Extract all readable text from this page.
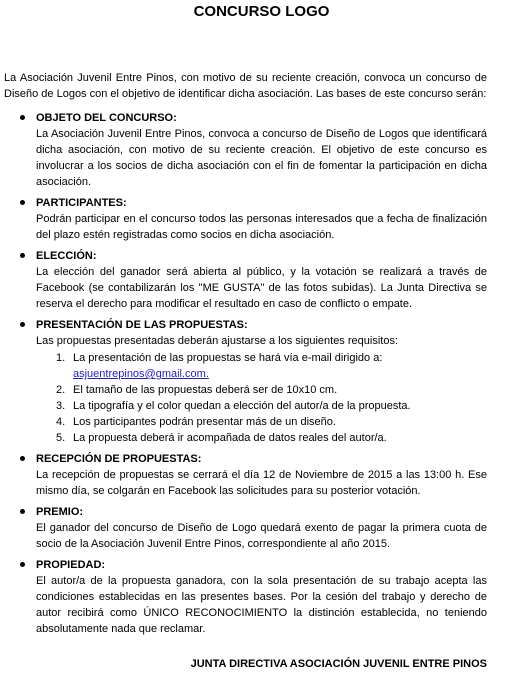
CONCURSO LOGO

La Asociación Juvenil Entre Pinos, con motivo de su reciente creación, convoca un concurso de Diseño de Logos con el objetivo de identificar dicha asociación. Las bases de este concurso serán:

OBJETO DEL CONCURSO:
La Asociación Juvenil Entre Pinos, convoca a concurso de Diseño de Logos que identificará dicha asociación, con motivo de su reciente creación. El objetivo de este concurso es involucrar a los socios de dicha asociación con el fin de fomentar la participación en dicha asociación.
PARTICIPANTES:
Podrán participar en el concurso todos las personas interesados que a fecha de finalización del plazo estén registradas como socios en dicha asociación.
ELECCIÓN:
La elección del ganador será abierta al público, y la votación se realizará a través de Facebook (se contabilizarán los "ME GUSTA" de las fotos subidas). La Junta Directiva se reserva el derecho para modificar el resultado en caso de conflicto o empate.
PRESENTACIÓN DE LAS PROPUESTAS:
Las propuestas presentadas deberán ajustarse a los siguientes requisitos:
1. La presentación de las propuestas se hará vía e-mail dirigido a:
asjuentrepinos@gmail.com.
2. El tamaño de las propuestas deberá ser de 10x10 cm.
3. La tipografía y el color quedan a elección del autor/a de la propuesta.
4. Los participantes podrán presentar más de un diseño.
5. La propuesta deberá ir acompañada de datos reales del autor/a.
RECEPCIÓN DE PROPUESTAS:
La recepción de propuestas se cerrará el día 12 de Noviembre de 2015 a las 13:00 h. Ese mismo día, se colgarán en Facebook las solicitudes para su posterior votación.
PREMIO:
El ganador del concurso de Diseño de Logo quedará exento de pagar la primera cuota de socio de la Asociación Juvenil Entre Pinos, correspondiente al año 2015.
PROPIEDAD:
El autor/a de la propuesta ganadora, con la sola presentación de su trabajo acepta las condiciones establecidas en las presentes bases. Por la cesión del trabajo y derecho de autor recibirá como ÚNICO RECONOCIMIENTO la distinción establecida, no teniendo absolutamente nada que reclamar.
JUNTA DIRECTIVA ASOCIACIÓN JUVENIL ENTRE PINOS
